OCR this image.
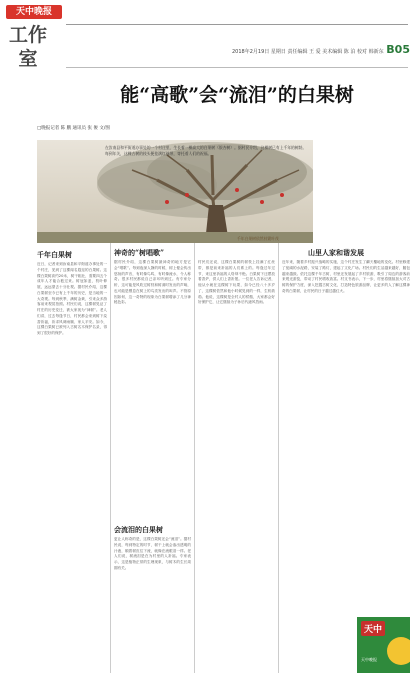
天中晚报
工作室	2018年2月19日 星期日 责任编辑 王 爱 美术编辑 陈 泊 校对 韩新东 B05
能“高歌”会“流泪”的白果树
□晚报记者 陈 鹏 通讯员 张 俊 文/图
在汝南县和平街道办事处的一个村庄里，生长着一棵高大的白果树（银杏树）。据村民介绍，这棵树已有上千年的树龄。每到年关，这棵古树的枝头便挂满红丝带，寄托着人们的祝福。
千年白果树依然枝繁叶茂
千年白果树
近日，记者来到汝南县和平街道办事处的一个村庄，见到了这棵闻名遐迩的白果树。这棵白果树高约20米，树干粗壮，需要四五个成年人才能合抱过来。树冠如盖，枝叶伸展，远远望去十分壮观。据村民介绍，这棵白果树至今已有上千年的历史，是当地的一大奇观。每到秋季，满树金黄，引来众多游客前来观赏拍照。村民们说，这棵树见证了村庄的历史变迁，被大家视为“神树”。老人们讲，过去每逢节日，村民都会来到树下烧香祈福，祈求风调雨顺、家人平安。如今，这棵白果树已被列入古树名木保护名录，得到了很好的保护。
神奇的“树唱歌”
据村民介绍，这棵白果树最神奇的地方是它会“唱歌”。每到夜深人静的时候，树上便会传出悠扬的声音，有时像鸟鸣，有时像流水，令人称奇。很多村民都说自己亲耳听到过。有专家分析，这可能是风吹过树枝和树洞时发出的声响，也可能是栖息在树上的鸟类发出的叫声。不管原因如何，这一奇特的现象为白果树增添了几分神秘色彩。
会流泪的白果树
更让人称奇的是，这棵白果树还会“流泪”。据村民说，每到特定的时节，树干上就会渗出透明的汁液，顺着树皮往下流，就像在流眼泪一样。老人们说，树流泪是在为村里的人祈福。专家表示，这是植物正常的生理现象，与树木的生长周期有关。
村民们还说，这棵白果树的树枝上挂满了红丝带，都是前来祈福的人们系上的。每逢过年过节，来这里祈福的人络绎不绝。白果树下还摆放着香炉，供人们上香祈愿。一位老人告诉记者，他从小就在这棵树下玩耍，如今已经八十多岁了，这棵树依然和他小时候见到的一样，生机勃勃。他说，这棵树是全村人的骄傲，大家都会好好保护它，让它继续为子孙后代遮风挡雨。
山里人家和谐发展
近年来，随着乡村振兴战略的实施，这个村庄发生了翻天覆地的变化。村里修建了宽阔的水泥路，安装了路灯，建起了文化广场。村民们的生活越来越好，腰包越来越鼓。依托这棵千年古树，村里还发展起了乡村旅游，吸引了周边的游客前来观光游览，带动了村民增收致富。村支书表示，下一步，村里将继续加大对古树的保护力度，深入挖掘古树文化，打造特色旅游品牌，让更多的人了解这棵神奇的白果树，让村民的日子越过越红火。
天中
天中晚报
